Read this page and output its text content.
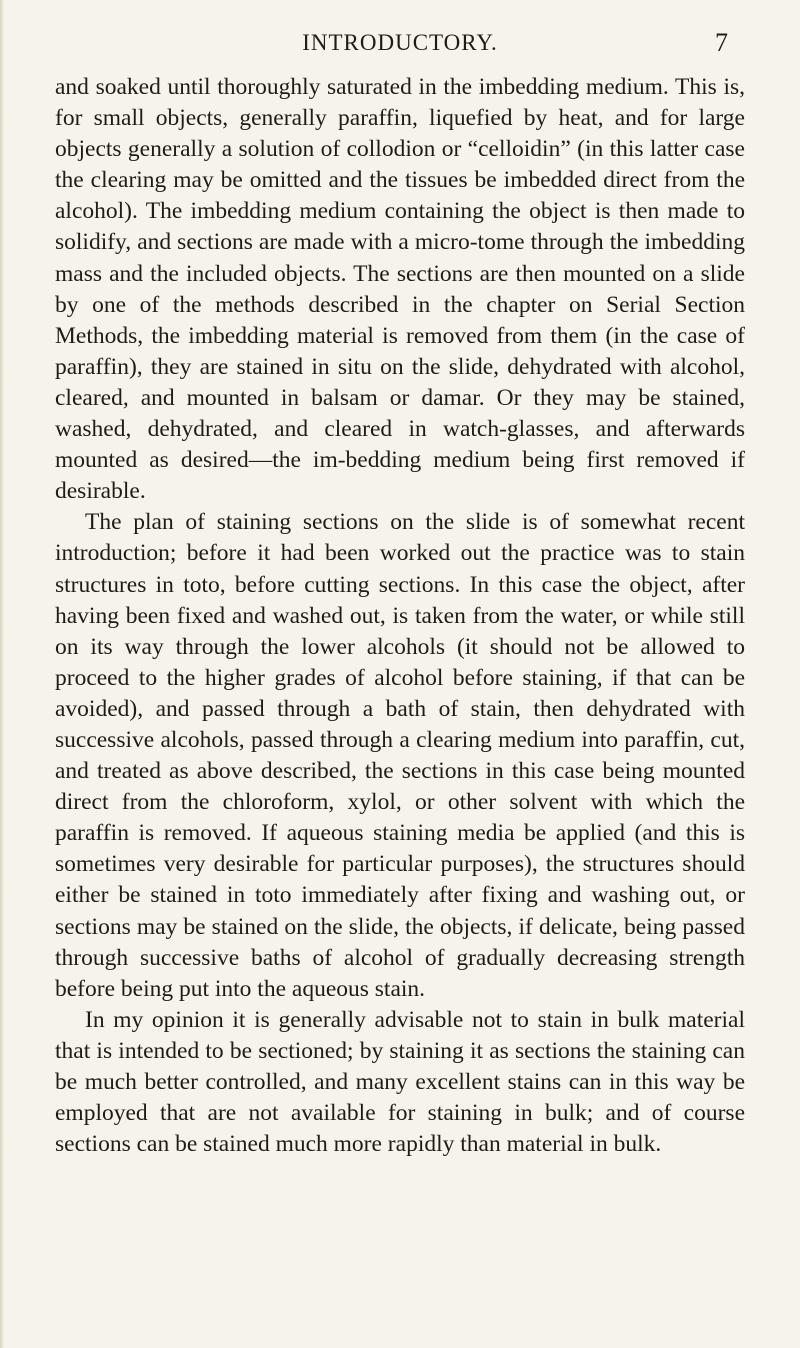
INTRODUCTORY.	7

and soaked until thoroughly saturated in the imbedding medium. This is, for small objects, generally paraffin, liquefied by heat, and for large objects generally a solution of collodion or “celloidin” (in this latter case the clearing may be omitted and the tissues be imbedded direct from the alcohol). The imbedding medium containing the object is then made to solidify, and sections are made with a micro-tome through the imbedding mass and the included objects. The sections are then mounted on a slide by one of the methods described in the chapter on Serial Section Methods, the imbedding material is removed from them (in the case of paraffin), they are stained in situ on the slide, dehydrated with alcohol, cleared, and mounted in balsam or damar. Or they may be stained, washed, dehydrated, and cleared in watch-glasses, and afterwards mounted as desired—the im-bedding medium being first removed if desirable.

The plan of staining sections on the slide is of somewhat recent introduction; before it had been worked out the practice was to stain structures in toto, before cutting sections. In this case the object, after having been fixed and washed out, is taken from the water, or while still on its way through the lower alcohols (it should not be allowed to proceed to the higher grades of alcohol before staining, if that can be avoided), and passed through a bath of stain, then dehydrated with successive alcohols, passed through a clearing medium into paraffin, cut, and treated as above described, the sections in this case being mounted direct from the chloroform, xylol, or other solvent with which the paraffin is removed. If aqueous staining media be applied (and this is sometimes very desirable for particular purposes), the structures should either be stained in toto immediately after fixing and washing out, or sections may be stained on the slide, the objects, if delicate, being passed through successive baths of alcohol of gradually decreasing strength before being put into the aqueous stain.

In my opinion it is generally advisable not to stain in bulk material that is intended to be sectioned; by staining it as sections the staining can be much better controlled, and many excellent stains can in this way be employed that are not available for staining in bulk; and of course sections can be stained much more rapidly than material in bulk.
